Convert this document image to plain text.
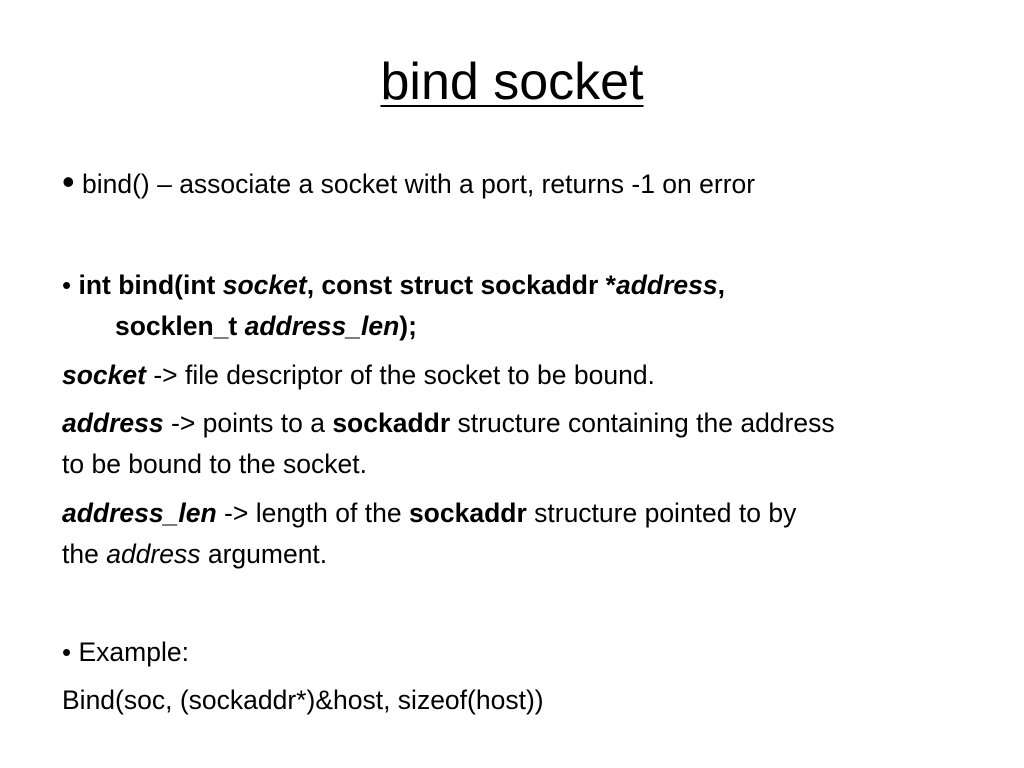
bind socket
• bind() – associate a socket with a port, returns -1 on error
• int bind(int socket, const struct sockaddr *address,
socklen_t address_len);
socket -> file descriptor of the socket to be bound.
address -> points to a sockaddr structure containing the address
to be bound to the socket.
address_len -> length of the sockaddr structure pointed to by
the address argument.
• Example:
Bind(soc, (sockaddr*)&host, sizeof(host))
